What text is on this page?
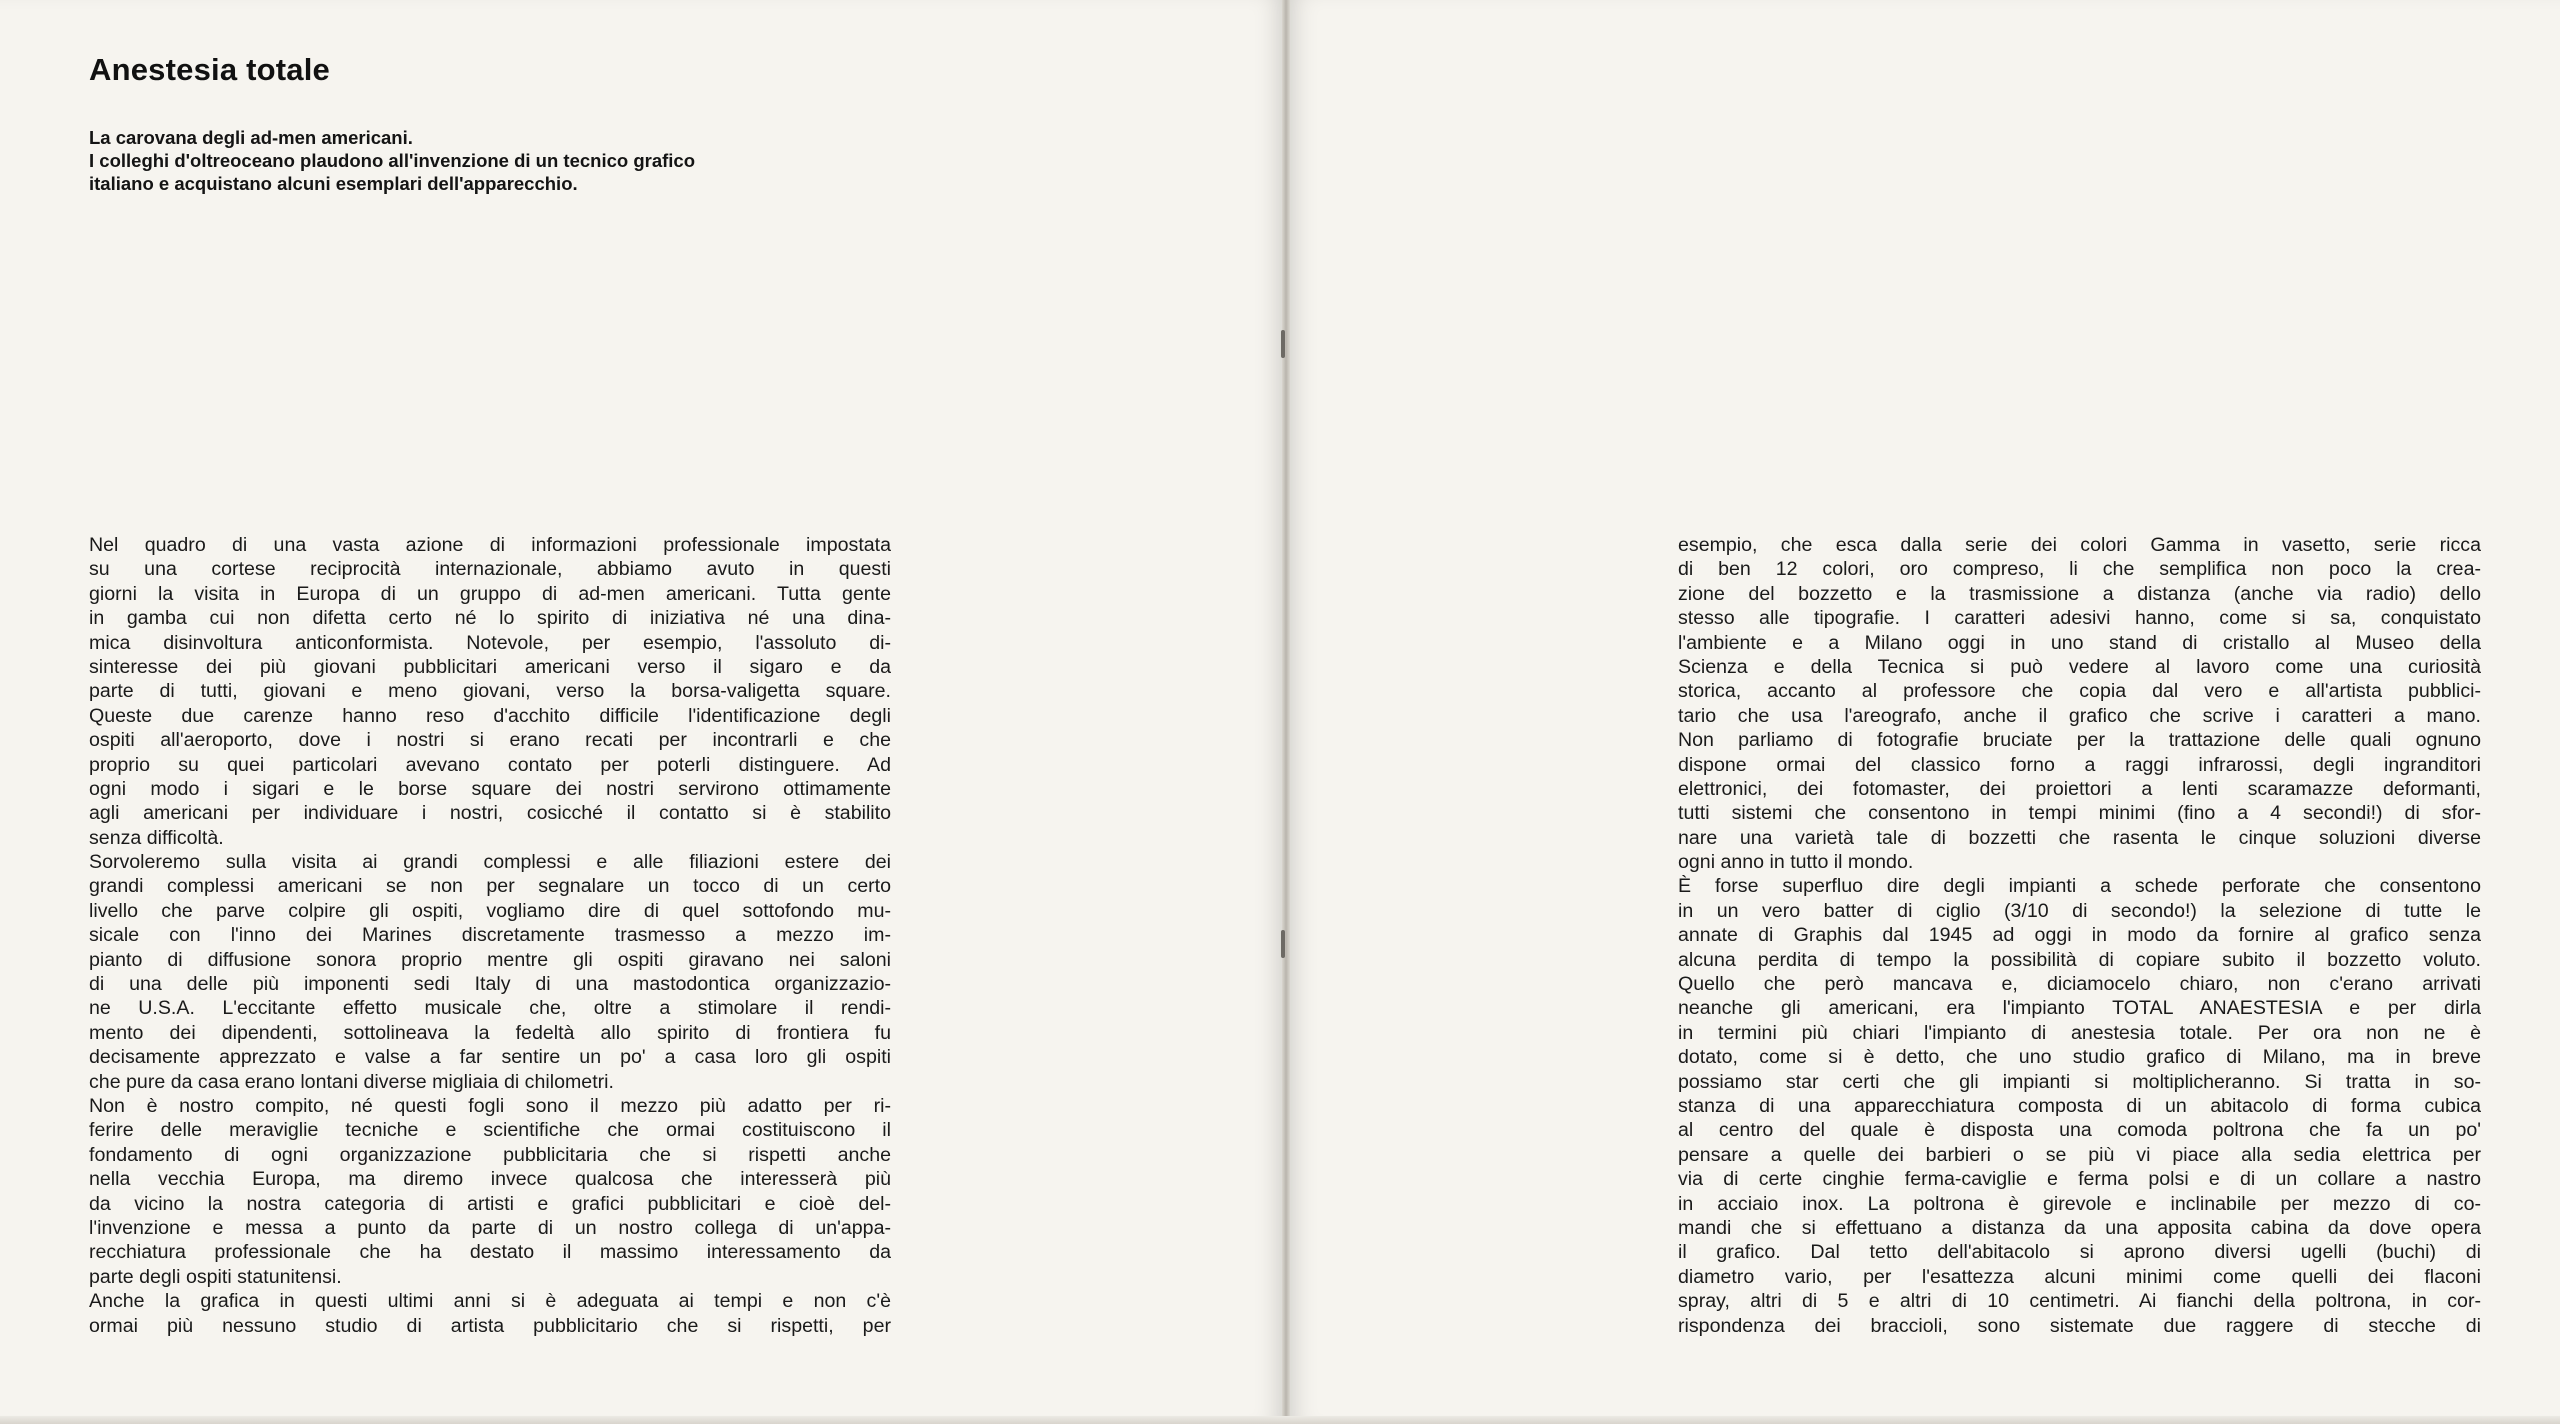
Anestesia totale
La carovana degli ad-men americani.
I colleghi d'oltreoceano plaudono all'invenzione di un tecnico grafico
italiano e acquistano alcuni esemplari dell'apparecchio.
Nel quadro di una vasta azione di informazioni professionale impostata
su una cortese reciprocità internazionale, abbiamo avuto in questi
giorni la visita in Europa di un gruppo di ad-men americani. Tutta gente
in gamba cui non difetta certo né lo spirito di iniziativa né una dina-
mica disinvoltura anticonformista. Notevole, per esempio, l'assoluto di-
sinteresse dei più giovani pubblicitari americani verso il sigaro e da
parte di tutti, giovani e meno giovani, verso la borsa-valigetta square.
Queste due carenze hanno reso d'acchito difficile l'identificazione degli
ospiti all'aeroporto, dove i nostri si erano recati per incontrarli e che
proprio su quei particolari avevano contato per poterli distinguere. Ad
ogni modo i sigari e le borse square dei nostri servirono ottimamente
agli americani per individuare i nostri, cosicché il contatto si è stabilito
senza difficoltà.
Sorvoleremo sulla visita ai grandi complessi e alle filiazioni estere dei
grandi complessi americani se non per segnalare un tocco di un certo
livello che parve colpire gli ospiti, vogliamo dire di quel sottofondo mu-
sicale con l'inno dei Marines discretamente trasmesso a mezzo im-
pianto di diffusione sonora proprio mentre gli ospiti giravano nei saloni
di una delle più imponenti sedi Italy di una mastodontica organizzazio-
ne U.S.A. L'eccitante effetto musicale che, oltre a stimolare il rendi-
mento dei dipendenti, sottolineava la fedeltà allo spirito di frontiera fu
decisamente apprezzato e valse a far sentire un po' a casa loro gli ospiti
che pure da casa erano lontani diverse migliaia di chilometri.
Non è nostro compito, né questi fogli sono il mezzo più adatto per ri-
ferire delle meraviglie tecniche e scientifiche che ormai costituiscono il
fondamento di ogni organizzazione pubblicitaria che si rispetti anche
nella vecchia Europa, ma diremo invece qualcosa che interesserà più
da vicino la nostra categoria di artisti e grafici pubblicitari e cioè del-
l'invenzione e messa a punto da parte di un nostro collega di un'appa-
recchiatura professionale che ha destato il massimo interessamento da
parte degli ospiti statunitensi.
Anche la grafica in questi ultimi anni si è adeguata ai tempi e non c'è
ormai più nessuno studio di artista pubblicitario che si rispetti, per
esempio, che esca dalla serie dei colori Gamma in vasetto, serie ricca
di ben 12 colori, oro compreso, li che semplifica non poco la crea-
zione del bozzetto e la trasmissione a distanza (anche via radio) dello
stesso alle tipografie. I caratteri adesivi hanno, come si sa, conquistato
l'ambiente e a Milano oggi in uno stand di cristallo al Museo della
Scienza e della Tecnica si può vedere al lavoro come una curiosità
storica, accanto al professore che copia dal vero e all'artista pubblici-
tario che usa l'areografo, anche il grafico che scrive i caratteri a mano.
Non parliamo di fotografie bruciate per la trattazione delle quali ognuno
dispone ormai del classico forno a raggi infrarossi, degli ingranditori
elettronici, dei fotomaster, dei proiettori a lenti scaramazze deformanti,
tutti sistemi che consentono in tempi minimi (fino a 4 secondi!) di sfor-
nare una varietà tale di bozzetti che rasenta le cinque soluzioni diverse
ogni anno in tutto il mondo.
È forse superfluo dire degli impianti a schede perforate che consentono
in un vero batter di ciglio (3/10 di secondo!) la selezione di tutte le
annate di Graphis dal 1945 ad oggi in modo da fornire al grafico senza
alcuna perdita di tempo la possibilità di copiare subito il bozzetto voluto.
Quello che però mancava e, diciamocelo chiaro, non c'erano arrivati
neanche gli americani, era l'impianto TOTAL ANAESTESIA e per dirla
in termini più chiari l'impianto di anestesia totale. Per ora non ne è
dotato, come si è detto, che uno studio grafico di Milano, ma in breve
possiamo star certi che gli impianti si moltiplicheranno. Si tratta in so-
stanza di una apparecchiatura composta di un abitacolo di forma cubica
al centro del quale è disposta una comoda poltrona che fa un po'
pensare a quelle dei barbieri o se più vi piace alla sedia elettrica per
via di certe cinghie ferma-caviglie e ferma polsi e di un collare a nastro
in acciaio inox. La poltrona è girevole e inclinabile per mezzo di co-
mandi che si effettuano a distanza da una apposita cabina da dove opera
il grafico. Dal tetto dell'abitacolo si aprono diversi ugelli (buchi) di
diametro vario, per l'esattezza alcuni minimi come quelli dei flaconi
spray, altri di 5 e altri di 10 centimetri. Ai fianchi della poltrona, in cor-
rispondenza dei braccioli, sono sistemate due raggere di stecche di
